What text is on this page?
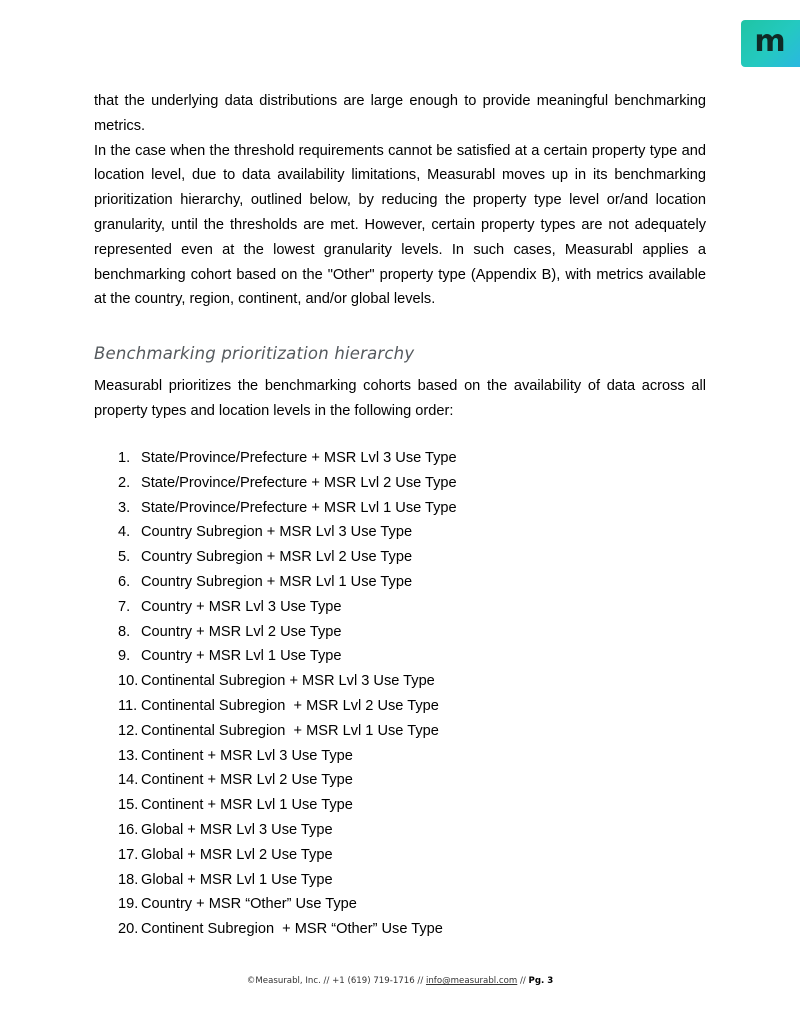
m

that the underlying data distributions are large enough to provide meaningful benchmarking metrics.

In the case when the threshold requirements cannot be satisfied at a certain property type and location level, due to data availability limitations, Measurabl moves up in its benchmarking prioritization hierarchy, outlined below, by reducing the property type level or/and location granularity, until the thresholds are met. However, certain property types are not adequately represented even at the lowest granularity levels. In such cases, Measurabl applies a benchmarking cohort based on the "Other" property type (Appendix B), with metrics available at the country, region, continent, and/or global levels.

Benchmarking prioritization hierarchy

Measurabl prioritizes the benchmarking cohorts based on the availability of data across all property types and location levels in the following order:

1. State/Province/Prefecture + MSR Lvl 3 Use Type
2. State/Province/Prefecture + MSR Lvl 2 Use Type
3. State/Province/Prefecture + MSR Lvl 1 Use Type
4. Country Subregion + MSR Lvl 3 Use Type
5. Country Subregion + MSR Lvl 2 Use Type
6. Country Subregion + MSR Lvl 1 Use Type
7. Country + MSR Lvl 3 Use Type
8. Country + MSR Lvl 2 Use Type
9. Country + MSR Lvl 1 Use Type
10. Continental Subregion + MSR Lvl 3 Use Type
11. Continental Subregion  + MSR Lvl 2 Use Type
12. Continental Subregion  + MSR Lvl 1 Use Type
13. Continent + MSR Lvl 3 Use Type
14. Continent + MSR Lvl 2 Use Type
15. Continent + MSR Lvl 1 Use Type
16. Global + MSR Lvl 3 Use Type
17. Global + MSR Lvl 2 Use Type
18. Global + MSR Lvl 1 Use Type
19. Country + MSR “Other” Use Type
20. Continent Subregion  + MSR “Other” Use Type
©Measurabl, Inc. // +1 (619) 719-1716 // info@measurabl.com // Pg. 3
